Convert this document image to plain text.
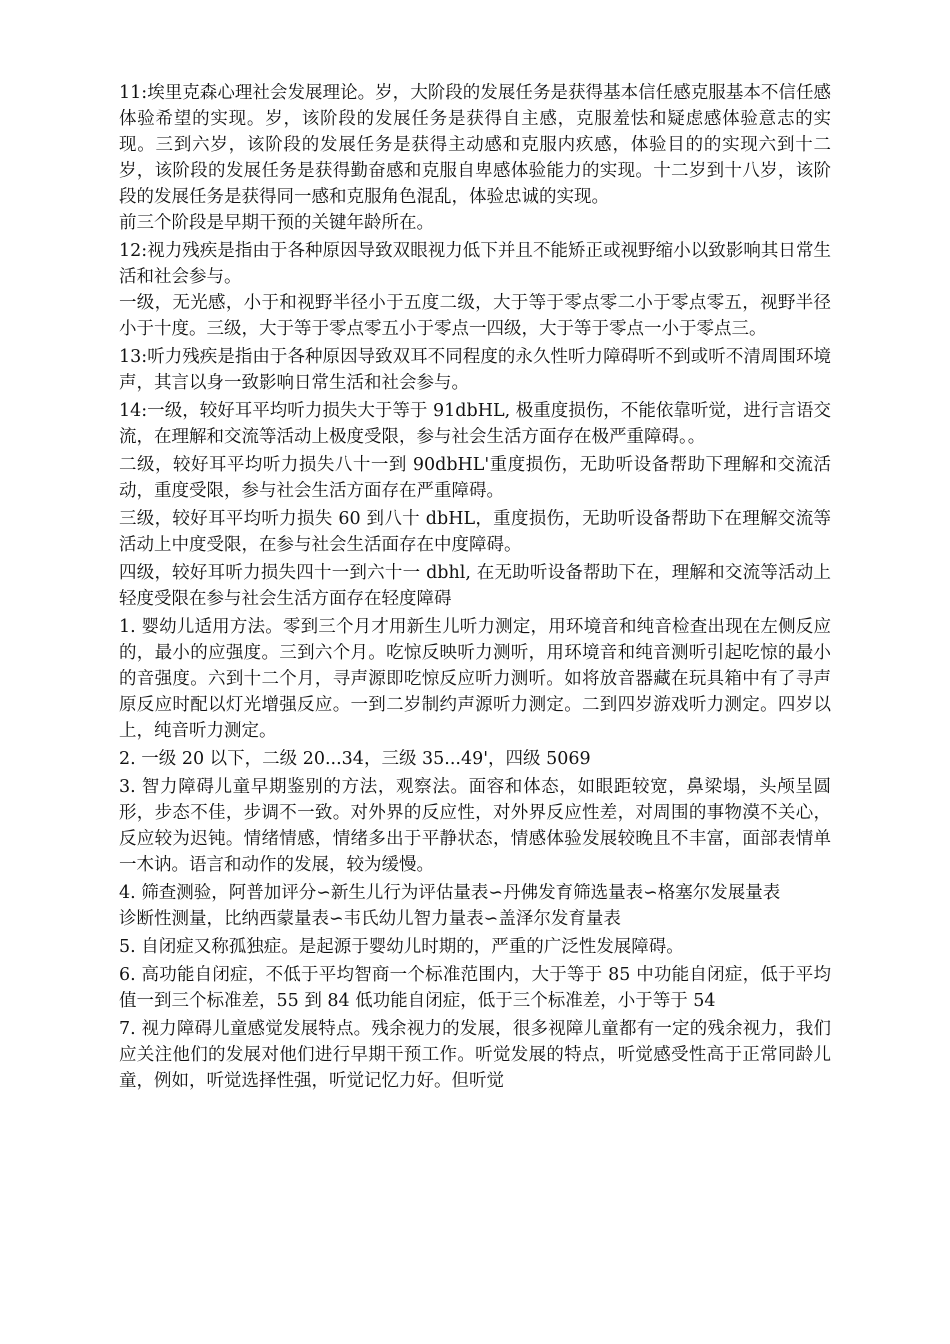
11:埃里克森心理社会发展理论。岁，大阶段的发展任务是获得基本信任感克服基本不信任感体验希望的实现。岁，该阶段的发展任务是获得自主感，克服羞怯和疑虑感体验意志的实现。三到六岁，该阶段的发展任务是获得主动感和克服内疚感，体验目的的实现六到十二岁，该阶段的发展任务是获得勤奋感和克服自卑感体验能力的实现。十二岁到十八岁，该阶段的发展任务是获得同一感和克服角色混乱，体验忠诚的实现。

前三个阶段是早期干预的关键年龄所在。

12:视力残疾是指由于各种原因导致双眼视力低下并且不能矫正或视野缩小以致影响其日常生活和社会参与。

一级，无光感，小于和视野半径小于五度二级，大于等于零点零二小于零点零五，视野半径小于十度。三级，大于等于零点零五小于零点一四级，大于等于零点一小于零点三。

13:听力残疾是指由于各种原因导致双耳不同程度的永久性听力障碍听不到或听不清周围环境声，其言以身一致影响日常生活和社会参与。

14:一级，较好耳平均听力损失大于等于 91dbHL, 极重度损伤，不能依靠听觉，进行言语交流，在理解和交流等活动上极度受限，参与社会生活方面存在极严重障碍。。

二级，较好耳平均听力损失八十一到 90dbHL'重度损伤，无助听设备帮助下理解和交流活动，重度受限，参与社会生活方面存在严重障碍。

三级，较好耳平均听力损失 60 到八十 dbHL，重度损伤，无助听设备帮助下在理解交流等活动上中度受限，在参与社会生活面存在中度障碍。

四级，较好耳听力损失四十一到六十一 dbhl, 在无助听设备帮助下在，理解和交流等活动上轻度受限在参与社会生活方面存在轻度障碍

1. 婴幼儿适用方法。零到三个月才用新生儿听力测定，用环境音和纯音检查出现在左侧反应的，最小的应强度。三到六个月。吃惊反映听力测听，用环境音和纯音测听引起吃惊的最小的音强度。六到十二个月，寻声源即吃惊反应听力测听。如将放音器藏在玩具箱中有了寻声原反应时配以灯光增强反应。一到二岁制约声源听力测定。二到四岁游戏听力测定。四岁以上，纯音听力测定。

2. 一级 20 以下，二级 20...34，三级 35...49'，四级 5069

3. 智力障碍儿童早期鉴别的方法，观察法。面容和体态，如眼距较宽，鼻梁塌，头颅呈圆形，步态不佳，步调不一致。对外界的反应性，对外界反应性差，对周围的事物漠不关心，反应较为迟钝。情绪情感，情绪多出于平静状态，情感体验发展较晚且不丰富，面部表情单一木讷。语言和动作的发展，较为缓慢。

4. 筛查测验，阿普加评分∽新生儿行为评估量表∽丹佛发育筛选量表∽格塞尔发展量表

诊断性测量，比纳西蒙量表∽韦氏幼儿智力量表∽盖泽尔发育量表

5. 自闭症又称孤独症。是起源于婴幼儿时期的，严重的广泛性发展障碍。

6. 高功能自闭症，不低于平均智商一个标准范围内，大于等于 85 中功能自闭症，低于平均值一到三个标准差，55 到 84 低功能自闭症，低于三个标准差，小于等于 54

7. 视力障碍儿童感觉发展特点。残余视力的发展，很多视障儿童都有一定的残余视力，我们应关注他们的发展对他们进行早期干预工作。听觉发展的特点，听觉感受性高于正常同龄儿童，例如，听觉选择性强，听觉记忆力好。但听觉
